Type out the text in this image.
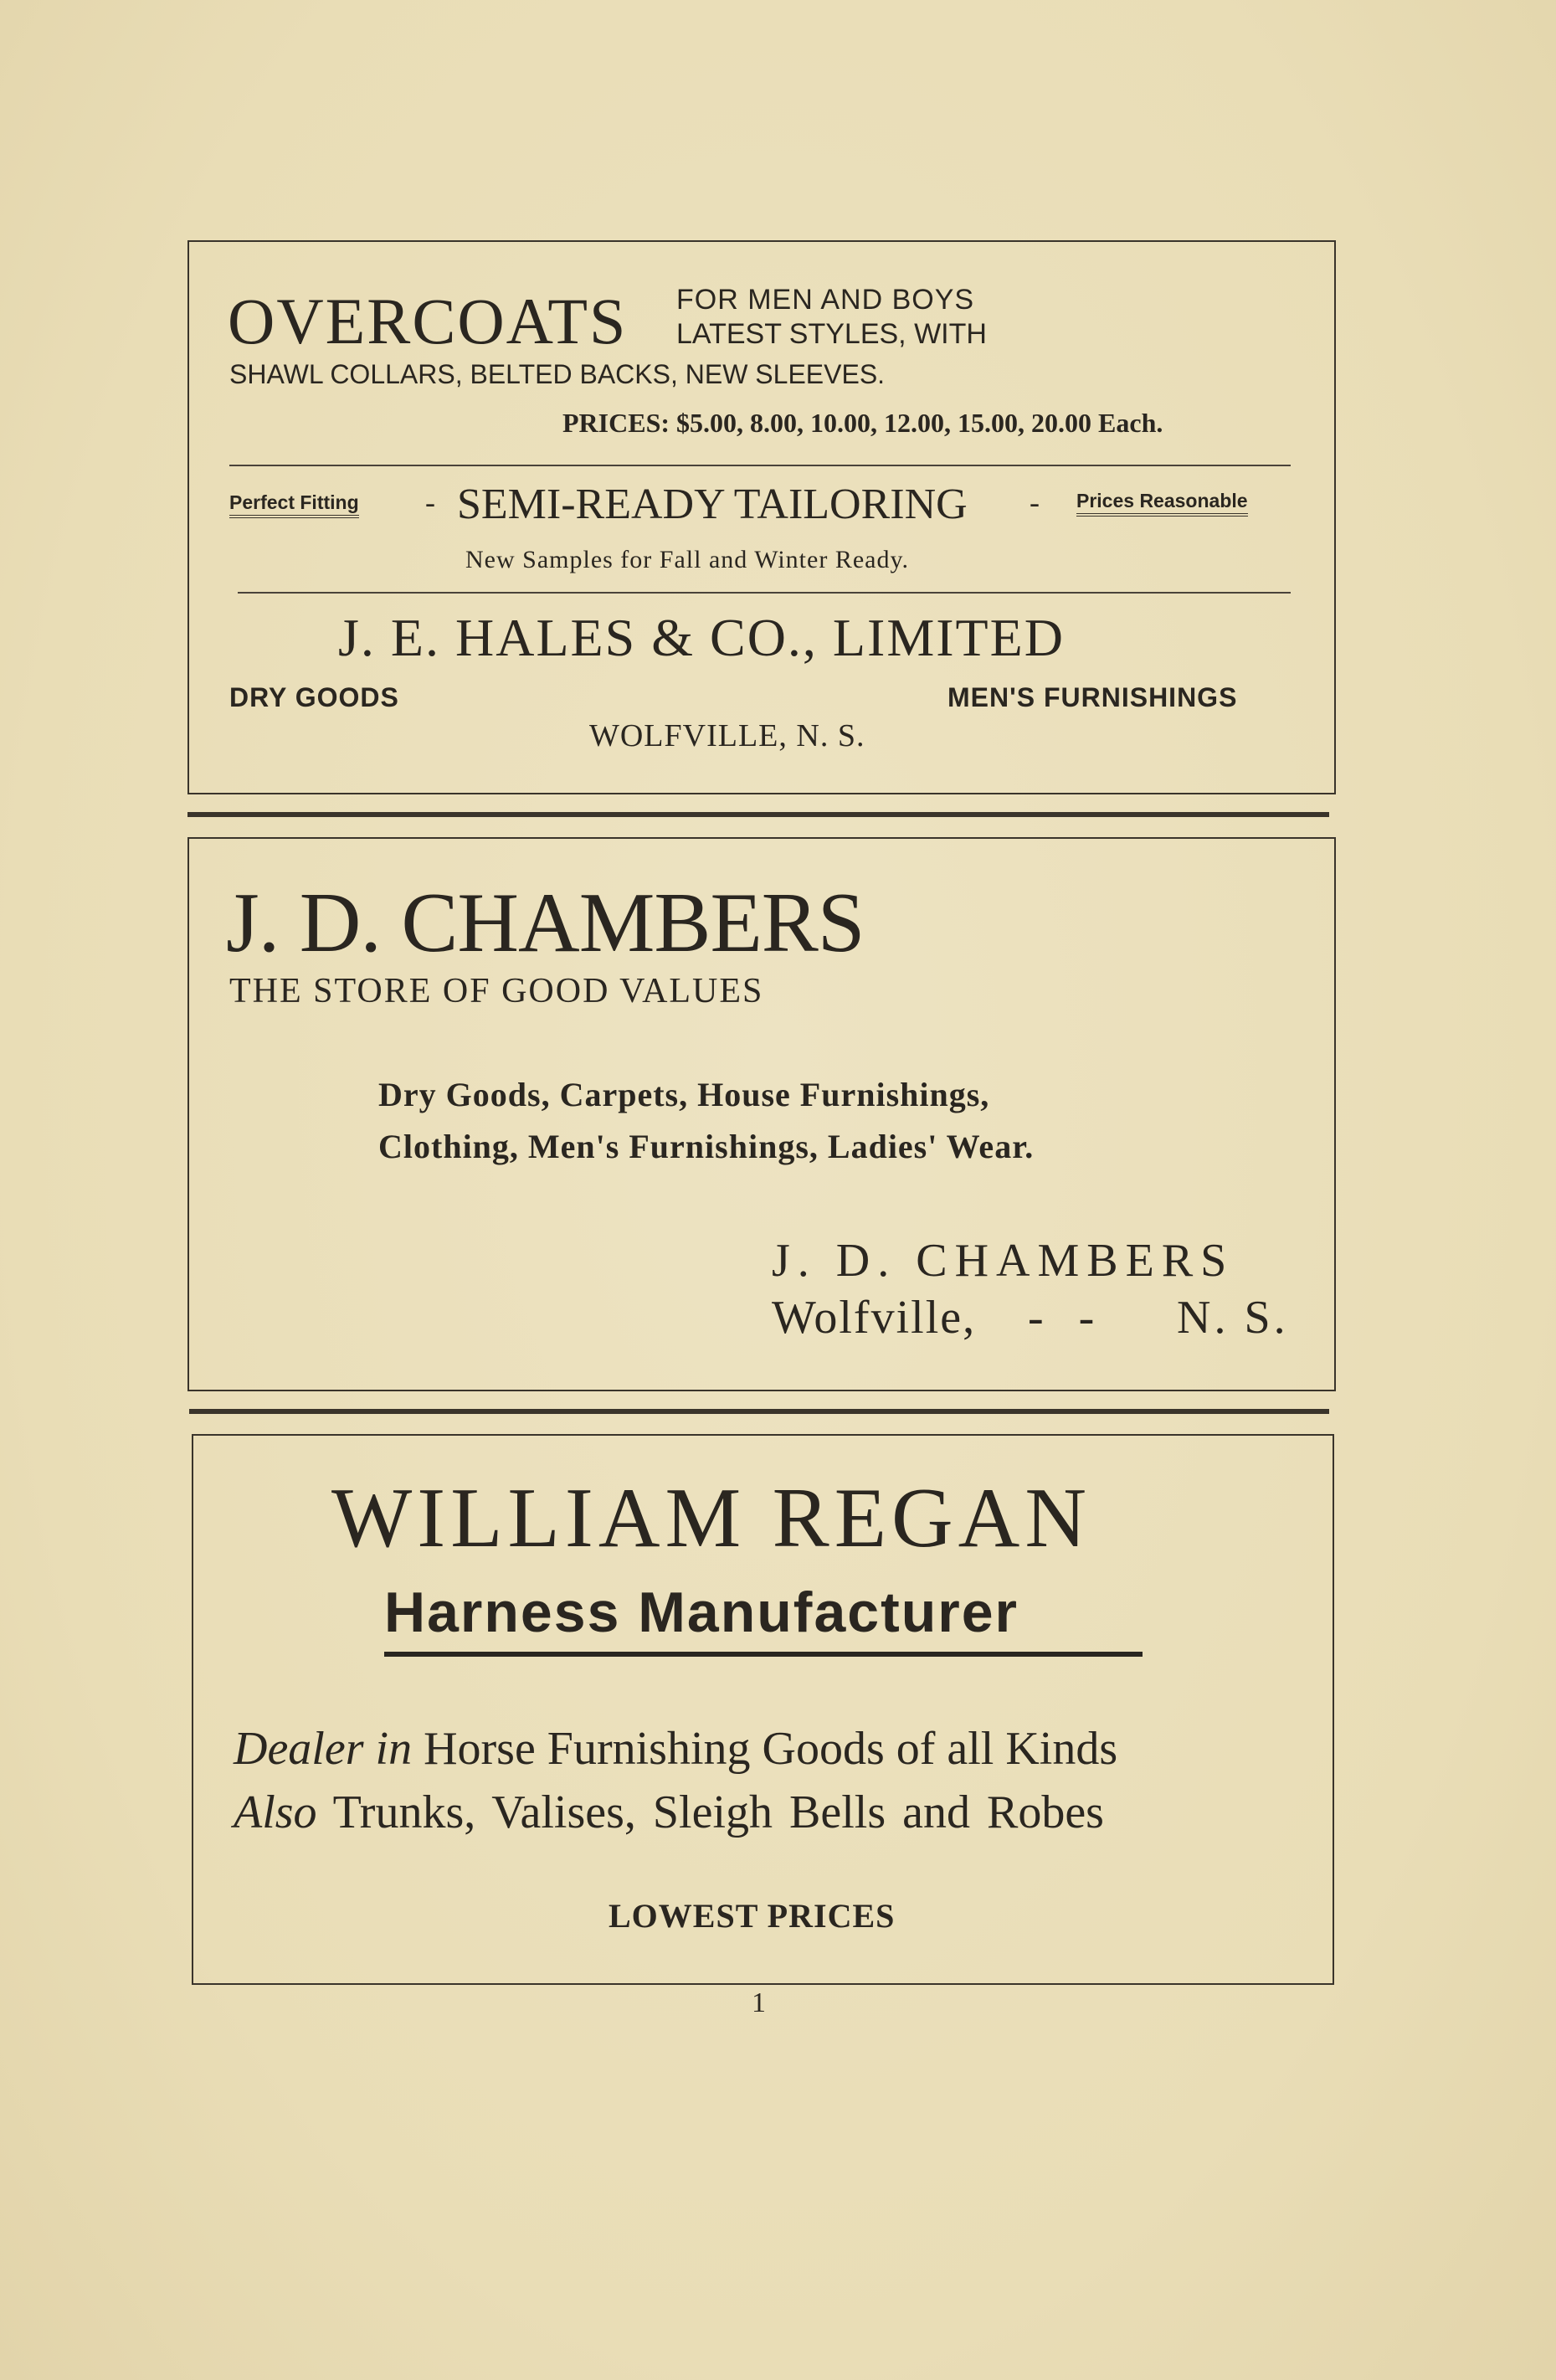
OVERCOATS FOR MEN AND BOYS
LATEST STYLES, WITH
SHAWL COLLARS, BELTED BACKS, NEW SLEEVES.
PRICES: $5.00, 8.00, 10.00, 12.00, 15.00, 20.00 Each.
Perfect Fitting - SEMI-READY TAILORING - Prices Reasonable
New Samples for Fall and Winter Ready.
J. E. HALES & CO., LIMITED
DRY GOODS	MEN'S FURNISHINGS
WOLFVILLE, N. S.
J. D. CHAMBERS
THE STORE OF GOOD VALUES
Dry Goods, Carpets, House Furnishings,
Clothing, Men's Furnishings, Ladies' Wear.
J. D. CHAMBERS
Wolfville, -   - N. S.
WILLIAM REGAN
Harness Manufacturer
Dealer in Horse Furnishing Goods of all Kinds
Also Trunks, Valises, Sleigh Bells and Robes
LOWEST PRICES
1
